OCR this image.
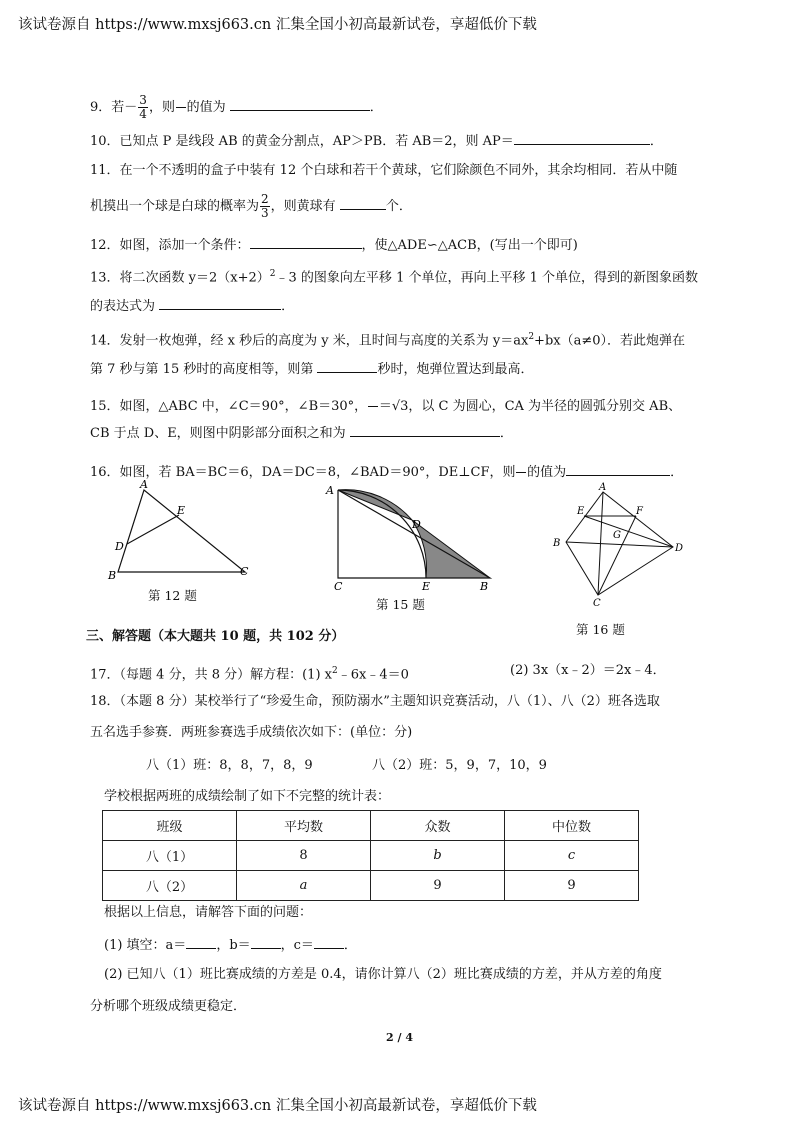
该试卷源自 https://www.mxsj663.cn 汇集全国小初高最新试卷，享超低价下载
9．若－ $\frac{3}{4}$ ，则

的值为	．
10．已知点 P 是线段 AB 的黄金分割点，AP＞PB．若 AB＝2，则 AP＝	．
11．在一个不透明的盒子中装有 12 个白球和若干个黄球，它们除颜色不同外，其余均相同．若从中随
机摸出一个球是白球的概率为 $\frac{2}{3}$ ，则黄球有	个．
12．如图，添加一个条件：	，使△ADE∽△ACB，(写出一个即可)
13．将二次函数 $y=2(x+2)^2﹣3$ 的图象向左平移 1 个单位，再向上平移 1 个单位，得到的新图象函数
的表达式为	．
14．发射一枚炮弹，经 x 秒后的高度为 y 米，且时间与高度的关系为 $y=ax^2+bx(a\ne 0)$．若此炮弹在
第 7 秒与第 15 秒时的高度相等，则第	秒时，炮弹位置达到最高．
15．如图，△ABC 中，∠C＝90°，∠B＝30°，

＝√3，以 C 为圆心，CA 为半径的圆弧分别交 AB、
CB 于点 D、E，则图中阴影部分面积之和为	．
16．如图，若 BA＝BC＝6，DA＝DC＝8，∠BAD＝90°，DE⊥CF，则

的值为	．
A
E
D
B	C
第 12 题
A
D
C	E	B
第 15 题
A
E	F
G
B	D
C
第 16 题
三、解答题（本大题共 10 题，共 102 分）
17．（每题 4 分，共 8 分）解方程：(1) $x^2﹣6x﹣4=0$	(2) 3x（x﹣2）＝2x﹣4．
18．（本题 8 分）某校举行了“珍爱生命，预防溺水”主题知识竞赛活动，八（1）、八（2）班各选取
五名选手参赛．两班参赛选手成绩依次如下：(单位：分)
八（1）班：8，8，7，8，9	八（2）班：5，9，7，10，9
学校根据两班的成绩绘制了如下不完整的统计表：
班级	平均数	众数	中位数
八（1）	8	b	c
八（2）	a	9	9
根据以上信息，请解答下面的问题：
(1) 填空：a＝ ，b＝ ，c＝ ．
(2) 已知八（1）班比赛成绩的方差是 0.4，请你计算八（2）班比赛成绩的方差，并从方差的角度
分析哪个班级成绩更稳定．
2 / 4
该试卷源自 https://www.mxsj663.cn 汇集全国小初高最新试卷，享超低价下载
